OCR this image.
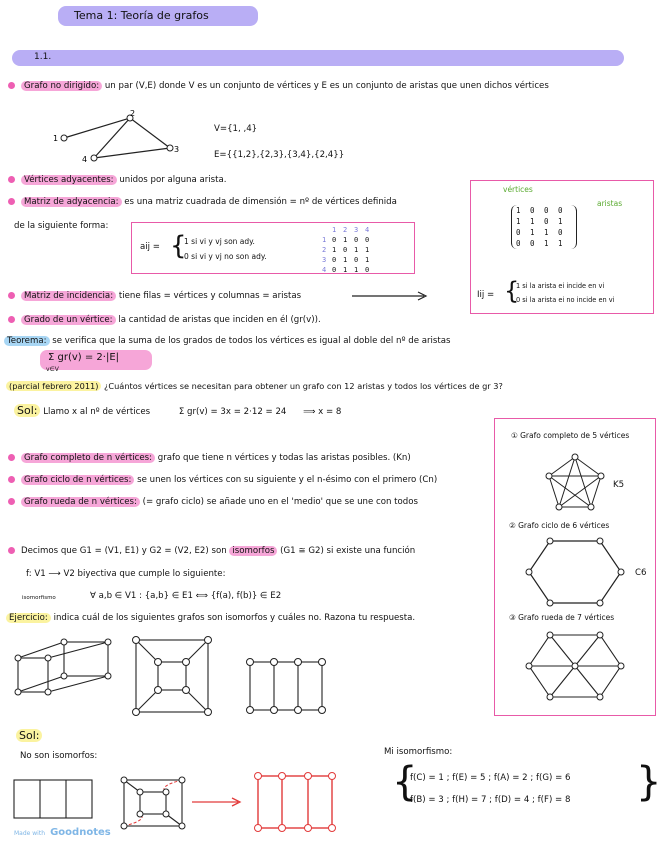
Tema 1: Teoría de grafos
1.1.
Grafo no dirigido: un par (V,E) donde V es un conjunto de vértices y E es un conjunto de aristas que unen dichos vértices
1
2
3
4
V={1, ,4}
E={{1,2},{2,3},{3,4},{2,4}}
Vértices adyacentes: unidos por alguna arista.
Matriz de adyacencia: es una matriz cuadrada de dimensión = nº de vértices definida
de la siguiente forma:
aij = {
1 si vi y vj son ady.
0 si vi y vj no son ady.
1 2 3 4
1 0 1 0 0
2 1 0 1 1
3 0 1 0 1
4 0 1 1 0
vértices
aristas
1 0 0 0
1 1 0 1
0 1 1 0
0 0 1 1
Iij = {
1 si la arista ei incide en vi
0 si la arista ei no incide en vi
Matriz de incidencia: tiene filas = vértices y columnas = aristas
Grado de un vértice: la cantidad de aristas que inciden en él (gr(v)).
Teorema: se verifica que la suma de los grados de todos los vértices es igual al doble del nº de aristas
Σ gr(v) = 2·|E|
v∈V
(parcial febrero 2011) ¿Cuántos vértices se necesitan para obtener un grafo con 12 aristas y todos los vértices de gr 3?
Sol: Llamo x al nº de vértices	Σ gr(v) = 3x = 2·12 = 24 ⟹ x = 8
Grafo completo de n vértices: grafo que tiene n vértices y todas las aristas posibles. (Kn)
Grafo ciclo de n vértices: se unen los vértices con su siguiente y el n-ésimo con el primero (Cn)
Grafo rueda de n vértices: (= grafo ciclo) se añade uno en el 'medio' que se une con todos
① Grafo completo de 5 vértices
K5
② Grafo ciclo de 6 vértices
C6
③ Grafo rueda de 7 vértices
Decimos que G1 = (V1, E1) y G2 = (V2, E2) son isomorfos (G1 ≅ G2) si existe una función
f: V1 ⟶ V2 biyectiva que cumple lo siguiente:
isomorfismo	∀ a,b ∈ V1 : {a,b} ∈ E1 ⟺ {f(a), f(b)} ∈ E2
Ejercicio: indica cuál de los siguientes grafos son isomorfos y cuáles no. Razona tu respuesta.
Sol:
No son isomorfos:	Mi isomorfismo:
{
f(C) = 1 ; f(E) = 5 ; f(A) = 2 ; f(G) = 6
f(B) = 3 ; f(H) = 7 ; f(D) = 4 ; f(F) = 8 }
Made with Goodnotes
